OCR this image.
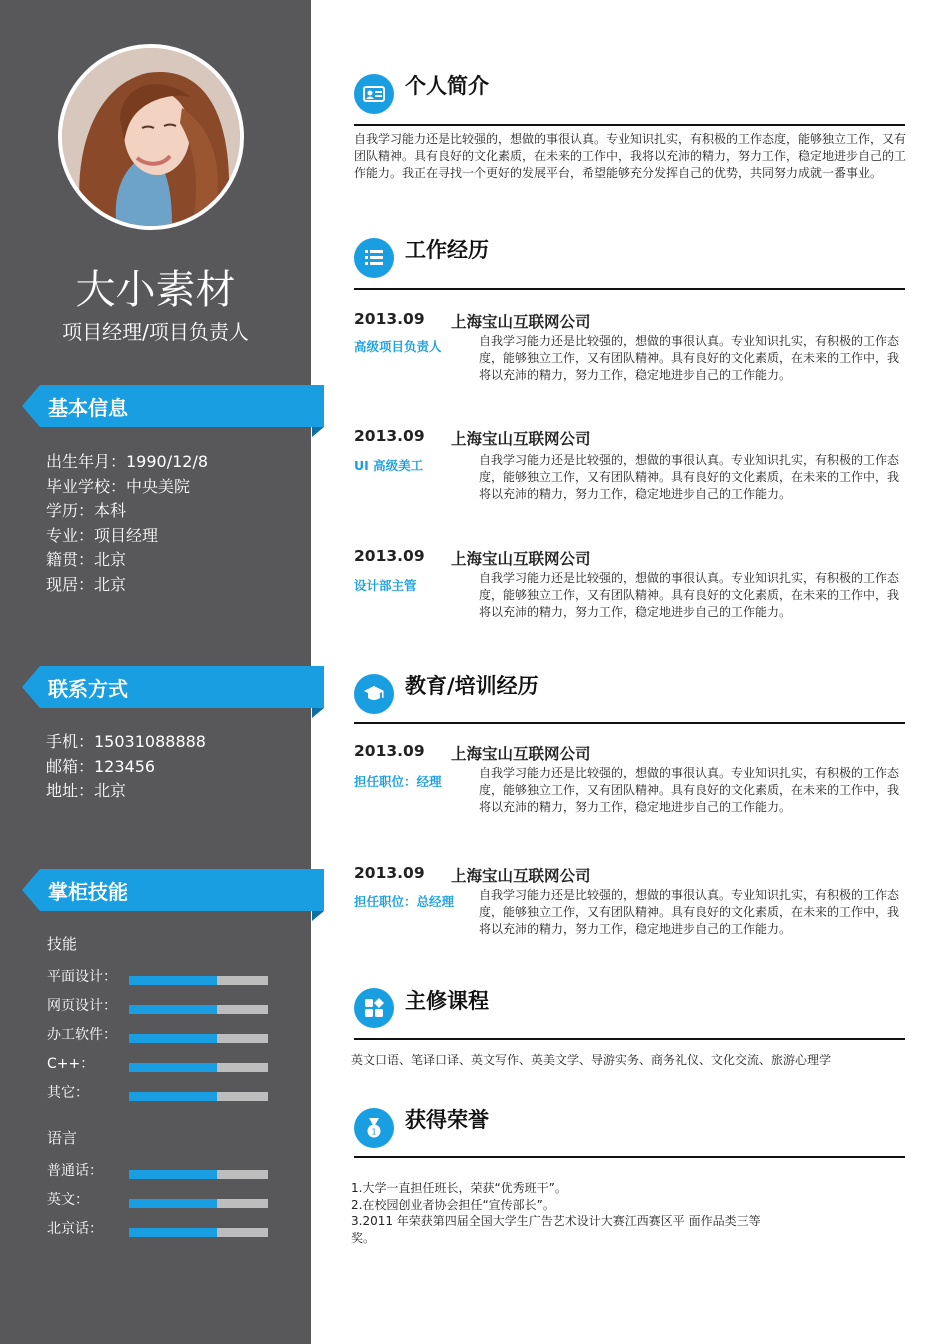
大小素材
项目经理/项目负责人
基本信息
出生年月：1990/12/8
毕业学校：中央美院
学历：本科
专业：项目经理
籍贯：北京
现居：北京
联系方式
手机：15031088888
邮箱：123456
地址：北京
掌柜技能
技能
平面设计：
网页设计：
办工软件：
C++：
其它：
语言
普通话：
英文：
北京话：
个人简介
自我学习能力还是比较强的，想做的事很认真。专业知识扎实，有积极的工作态度，能够独立工作，又有团队精神。具有良好的文化素质，在未来的工作中，我将以充沛的精力，努力工作，稳定地进步自己的工作能力。我正在寻找一个更好的发展平台，希望能够充分发挥自己的优势，共同努力成就一番事业。
工作经历
2013.09 上海宝山互联网公司
高级项目负责人	自我学习能力还是比较强的，想做的事很认真。专业知识扎实，有积极的工作态度，能够独立工作，又有团队精神。具有良好的文化素质，在未来的工作中，我将以充沛的精力，努力工作，稳定地进步自己的工作能力。
2013.09 上海宝山互联网公司
UI 高级美工	自我学习能力还是比较强的，想做的事很认真。专业知识扎实，有积极的工作态度，能够独立工作，又有团队精神。具有良好的文化素质，在未来的工作中，我将以充沛的精力，努力工作，稳定地进步自己的工作能力。
2013.09 上海宝山互联网公司
设计部主管	自我学习能力还是比较强的，想做的事很认真。专业知识扎实，有积极的工作态度，能够独立工作，又有团队精神。具有良好的文化素质，在未来的工作中，我将以充沛的精力，努力工作，稳定地进步自己的工作能力。
教育/培训经历
2013.09 上海宝山互联网公司
担任职位：经理
自我学习能力还是比较强的，想做的事很认真。专业知识扎实，有积极的工作态度，能够独立工作，又有团队精神。具有良好的文化素质，在未来的工作中，我将以充沛的精力，努力工作，稳定地进步自己的工作能力。
2013.09 上海宝山互联网公司
担任职位：总经理 自我学习能力还是比较强的，想做的事很认真。专业知识扎实，有积极的工作态度，能够独立工作，又有团队精神。具有良好的文化素质，在未来的工作中，我将以充沛的精力，努力工作，稳定地进步自己的工作能力。
主修课程
英文口语、笔译口译、英文写作、英美文学、导游实务、商务礼仪、文化交流、旅游心理学
1 获得荣誉
1.大学一直担任班长，荣获“优秀班干”。
2.在校园创业者协会担任“宣传部长”。
3.2011 年荣获第四届全国大学生广告艺术设计大赛江西赛区平 面作品类三等奖。
